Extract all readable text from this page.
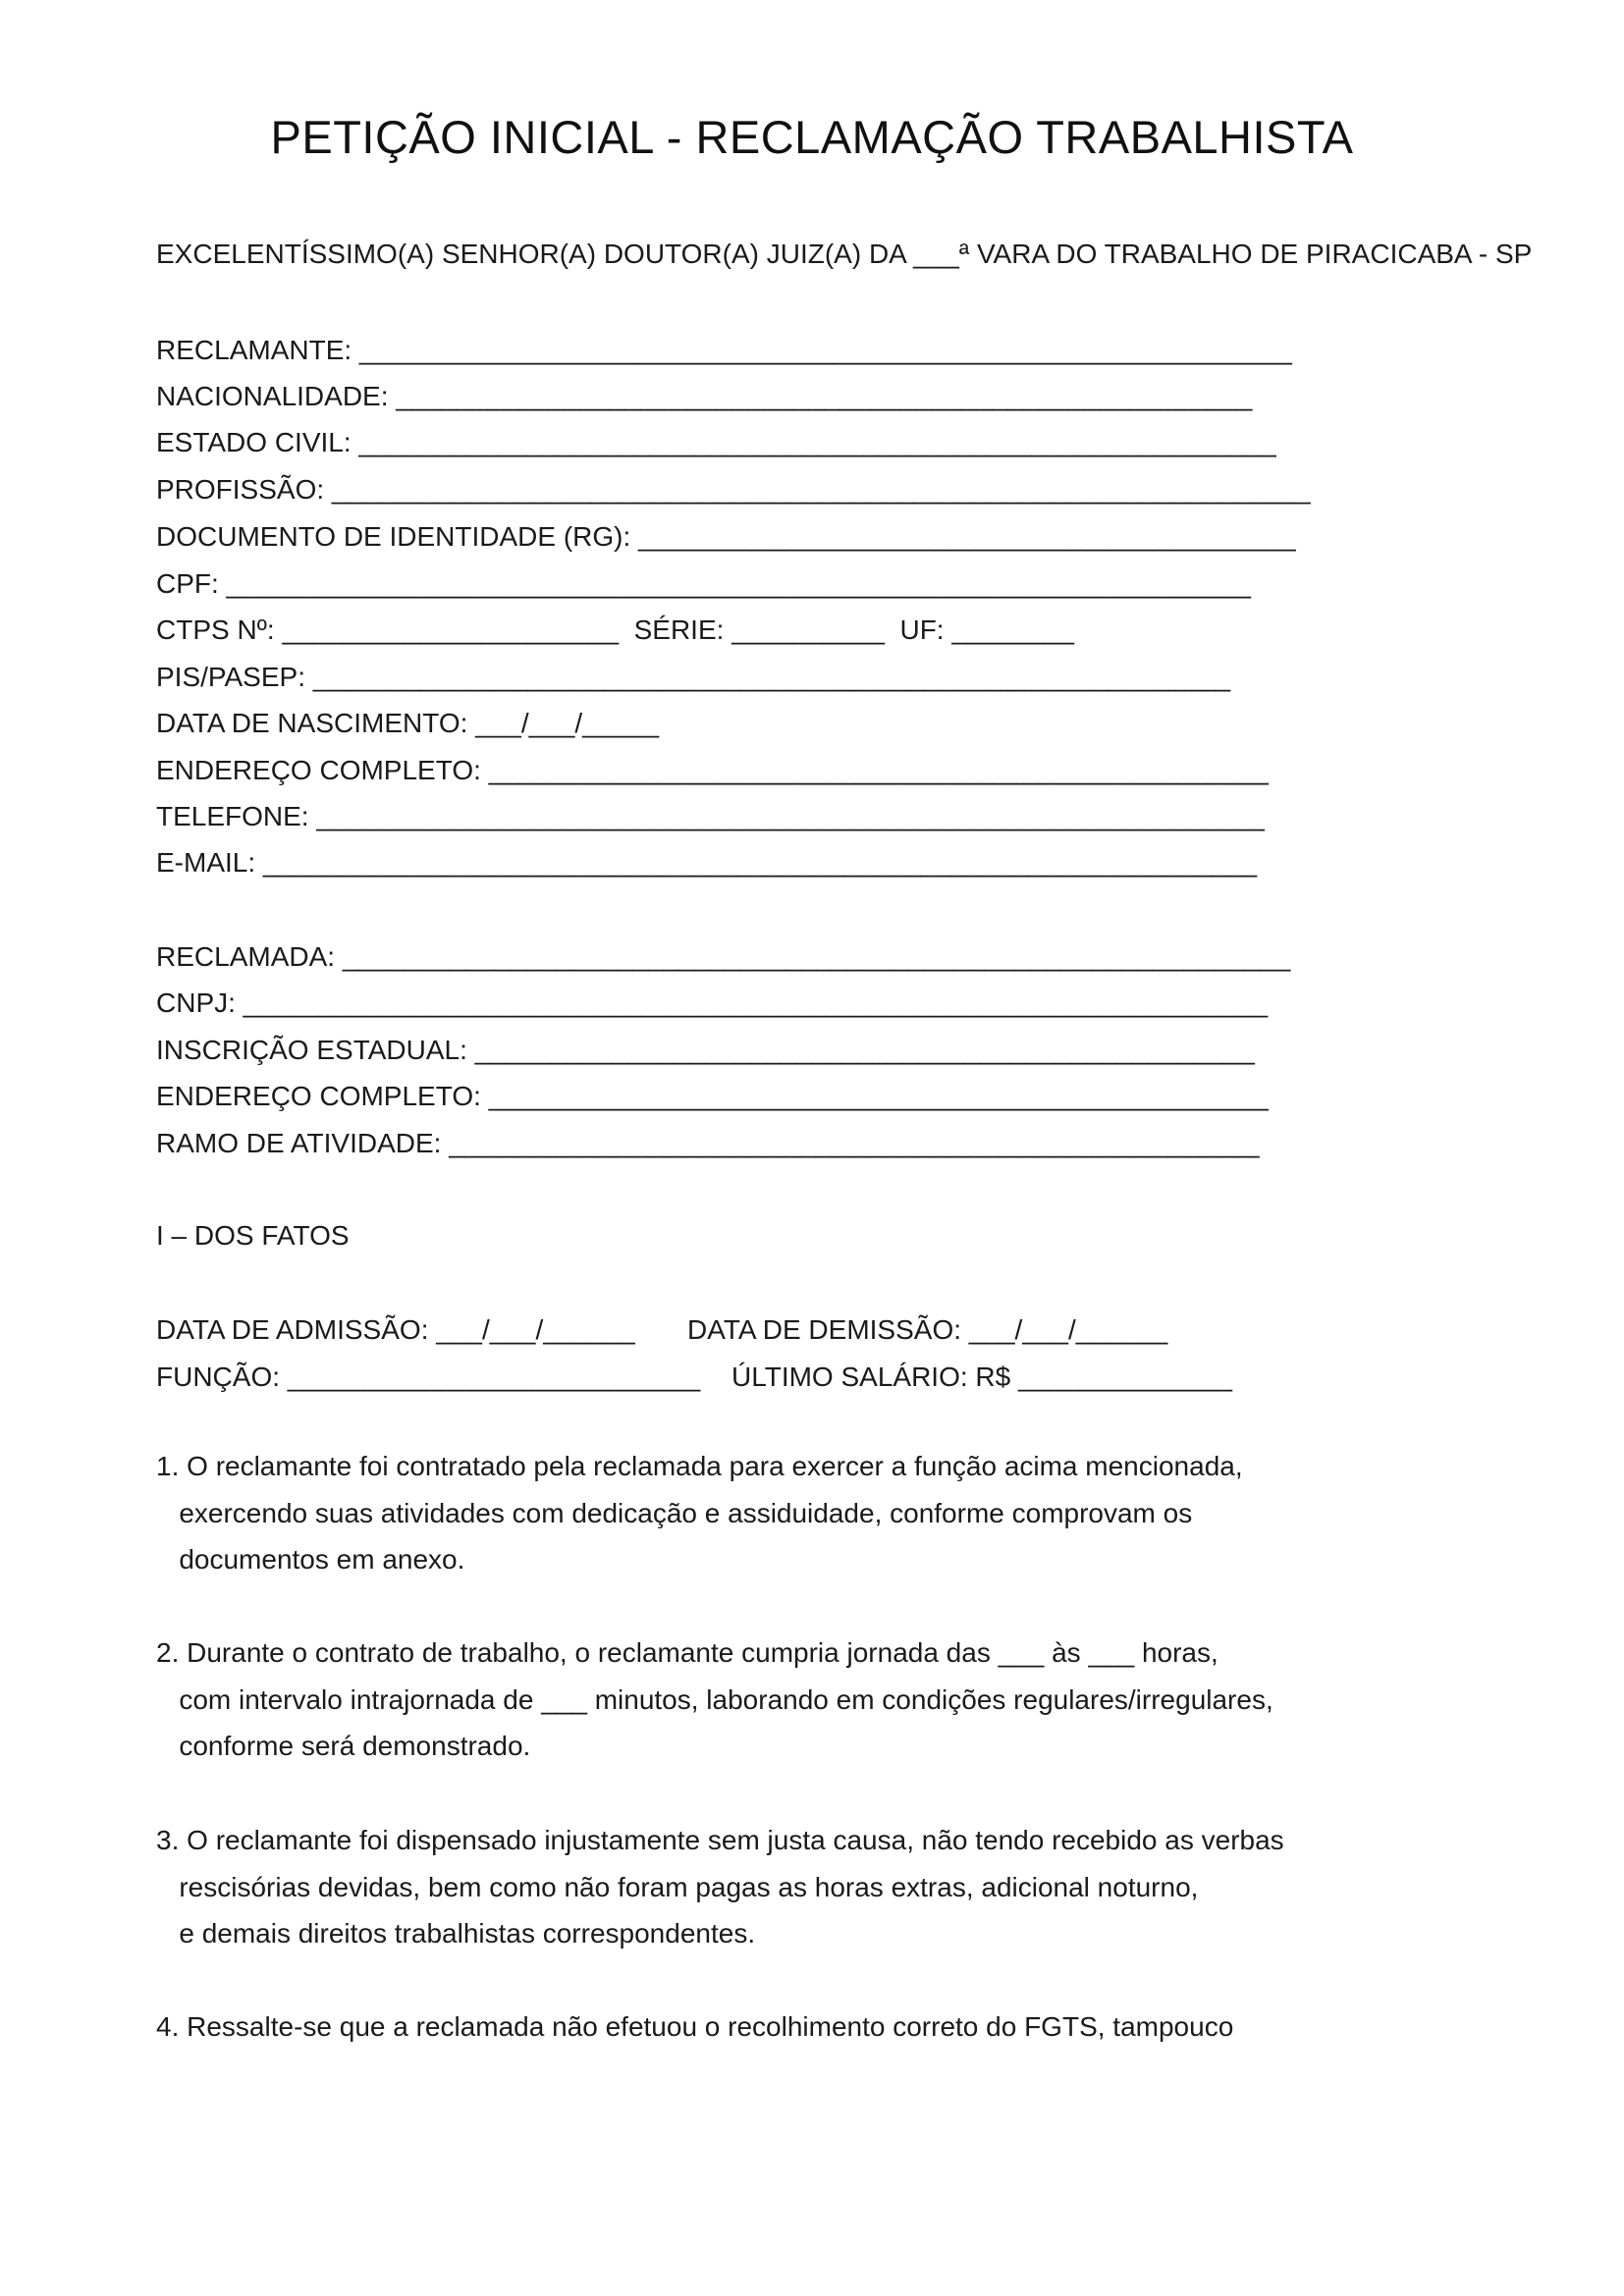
PETIÇÃO INICIAL - RECLAMAÇÃO TRABALHISTA
EXCELENTÍSSIMO(A) SENHOR(A) DOUTOR(A) JUIZ(A) DA ___ª VARA DO TRABALHO DE PIRACICABA - SP
RECLAMANTE: _____________________________________________________________
NACIONALIDADE: ________________________________________________________
ESTADO CIVIL: ____________________________________________________________
PROFISSÃO: ________________________________________________________________
DOCUMENTO DE IDENTIDADE (RG): ___________________________________________
CPF: ___________________________________________________________________
CTPS Nº: ______________________  SÉRIE: __________  UF: ________
PIS/PASEP: ____________________________________________________________
DATA DE NASCIMENTO: ___/___/_____
ENDEREÇO COMPLETO: ___________________________________________________
TELEFONE: ______________________________________________________________
E-MAIL: _________________________________________________________________
RECLAMADA: ______________________________________________________________
CNPJ: ___________________________________________________________________
INSCRIÇÃO ESTADUAL: ___________________________________________________
ENDEREÇO COMPLETO: ___________________________________________________
RAMO DE ATIVIDADE: _____________________________________________________
I – DOS FATOS
DATA DE ADMISSÃO: ___/___/______ DATA DE DEMISSÃO: ___/___/______
FUNÇÃO: ___________________________ ÚLTIMO SALÁRIO: R$ ______________
1. O reclamante foi contratado pela reclamada para exercer a função acima mencionada,
exercendo suas atividades com dedicação e assiduidade, conforme comprovam os
documentos em anexo.
2. Durante o contrato de trabalho, o reclamante cumpria jornada das ___ às ___ horas,
com intervalo intrajornada de ___ minutos, laborando em condições regulares/irregulares,
conforme será demonstrado.
3. O reclamante foi dispensado injustamente sem justa causa, não tendo recebido as verbas
rescisórias devidas, bem como não foram pagas as horas extras, adicional noturno,
e demais direitos trabalhistas correspondentes.
4. Ressalte-se que a reclamada não efetuou o recolhimento correto do FGTS, tampouco
